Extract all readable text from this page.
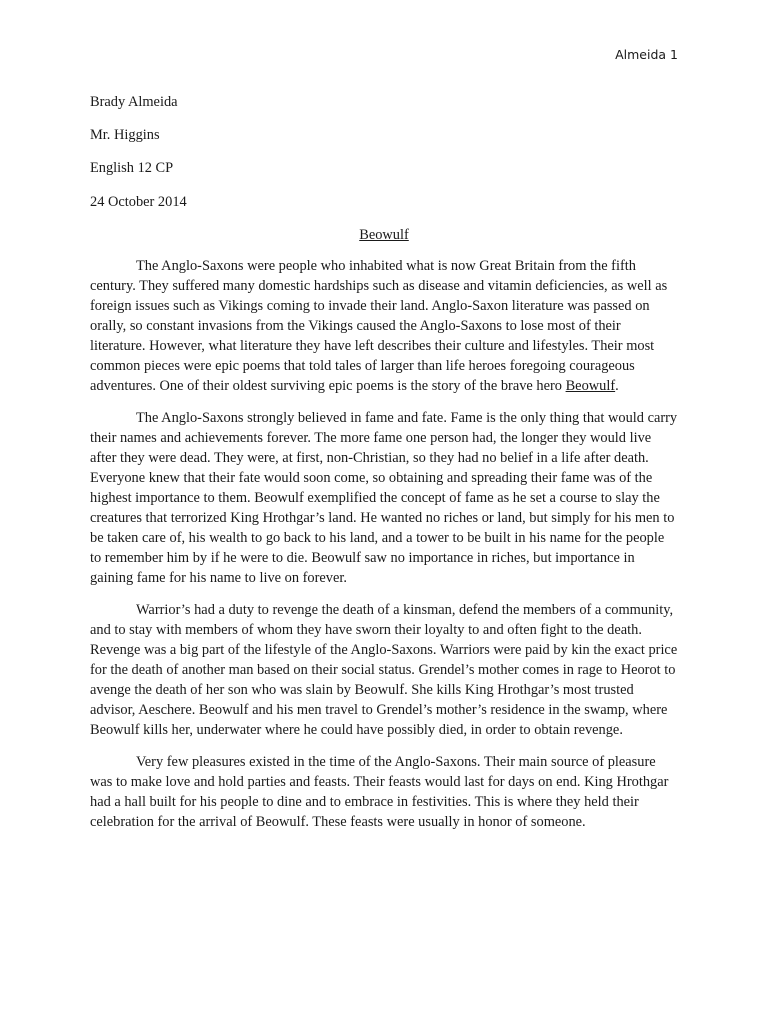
Almeida 1
Brady Almeida
Mr. Higgins
English 12 CP
24 October 2014
Beowulf

The Anglo-Saxons were people who inhabited what is now Great Britain from the fifth century. They suffered many domestic hardships such as disease and vitamin deficiencies, as well as foreign issues such as Vikings coming to invade their land. Anglo-Saxon literature was passed on orally, so constant invasions from the Vikings caused the Anglo-Saxons to lose most of their literature. However, what literature they have left describes their culture and lifestyles. Their most common pieces were epic poems that told tales of larger than life heroes foregoing courageous adventures. One of their oldest surviving epic poems is the story of the brave hero Beowulf.

The Anglo-Saxons strongly believed in fame and fate. Fame is the only thing that would carry their names and achievements forever. The more fame one person had, the longer they would live after they were dead. They were, at first, non-Christian, so they had no belief in a life after death. Everyone knew that their fate would soon come, so obtaining and spreading their fame was of the highest importance to them. Beowulf exemplified the concept of fame as he set a course to slay the creatures that terrorized King Hrothgar’s land. He wanted no riches or land, but simply for his men to be taken care of, his wealth to go back to his land, and a tower to be built in his name for the people to remember him by if he were to die. Beowulf saw no importance in riches, but importance in gaining fame for his name to live on forever.

Warrior’s had a duty to revenge the death of a kinsman, defend the members of a community, and to stay with members of whom they have sworn their loyalty to and often fight to the death. Revenge was a big part of the lifestyle of the Anglo-Saxons. Warriors were paid by kin the exact price for the death of another man based on their social status. Grendel’s mother comes in rage to Heorot to avenge the death of her son who was slain by Beowulf. She kills King Hrothgar’s most trusted advisor, Aeschere. Beowulf and his men travel to Grendel’s mother’s residence in the swamp, where Beowulf kills her, underwater where he could have possibly died, in order to obtain revenge.

Very few pleasures existed in the time of the Anglo-Saxons. Their main source of pleasure was to make love and hold parties and feasts. Their feasts would last for days on end. King Hrothgar had a hall built for his people to dine and to embrace in festivities. This is where they held their celebration for the arrival of Beowulf. These feasts were usually in honor of someone.
